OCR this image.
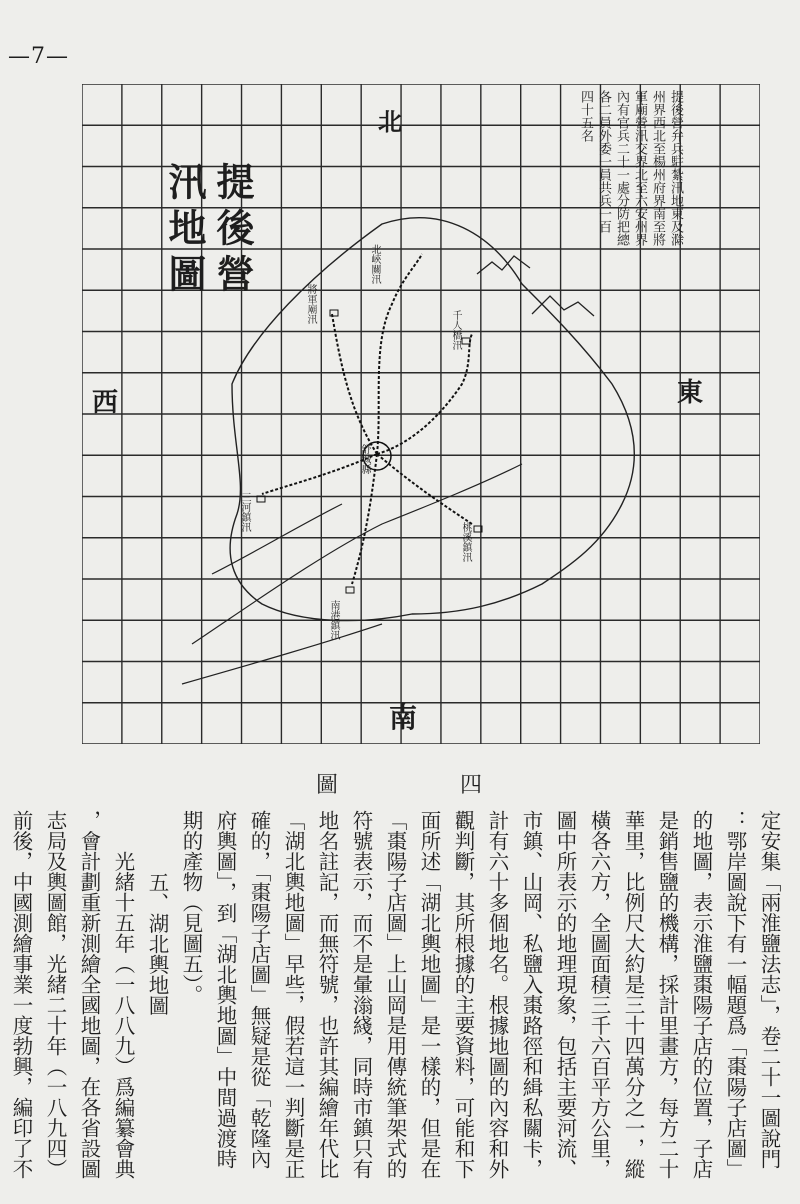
—7—
汛地圖 提後營
北
南
東
西
四十五名 各二員外委一員共兵一百 內有官兵二十一處分防把總 軍廟營汛交界北至六安州界 州界西北至楊州府界南至將 提後營弁兵駐紮汛地東及滁
舒城縣
北峽關汛
將軍廟汛
千人橋汛
三河鎮汛
桃溪鎮汛
南港鎮汛
圖	四

定安集「兩淮鹽法志」，卷二十一圖說門

：鄂岸圖說下有一幅題爲「棗陽子店圖」

的地圖，表示淮鹽棗陽子店的位置，子店

是銷售鹽的機構，採計里畫方，每方二十

華里，比例尺大約是三十四萬分之一，縱

橫各六方，全圖面積三千六百平方公里，

圖中所表示的地理現象，包括主要河流、

市鎮、山岡、私鹽入棗路徑和緝私關卡，

計有六十多個地名。根據地圖的內容和外

觀判斷，其所根據的主要資料，可能和下

面所述「湖北輿地圖」是一樣的，但是在

「棗陽子店圖」上山岡是用傳統筆架式的

符號表示，而不是暈滃綫，同時市鎮只有

地名註記，而無符號，也許其編繪年代比

「湖北輿地圖」早些，假若這一判斷是正

確的，「棗陽子店圖」無疑是從「乾隆內

府輿圖」，到「湖北輿地圖」中間過渡時

期的產物（見圖五）。

五、湖北輿地圖

光緒十五年（一八八九）爲編纂會典

，會計劃重新測繪全國地圖，在各省設圖

志局及輿圖館，光緒二十年（一八九四）

前後，中國測繪事業一度勃興，編印了不
